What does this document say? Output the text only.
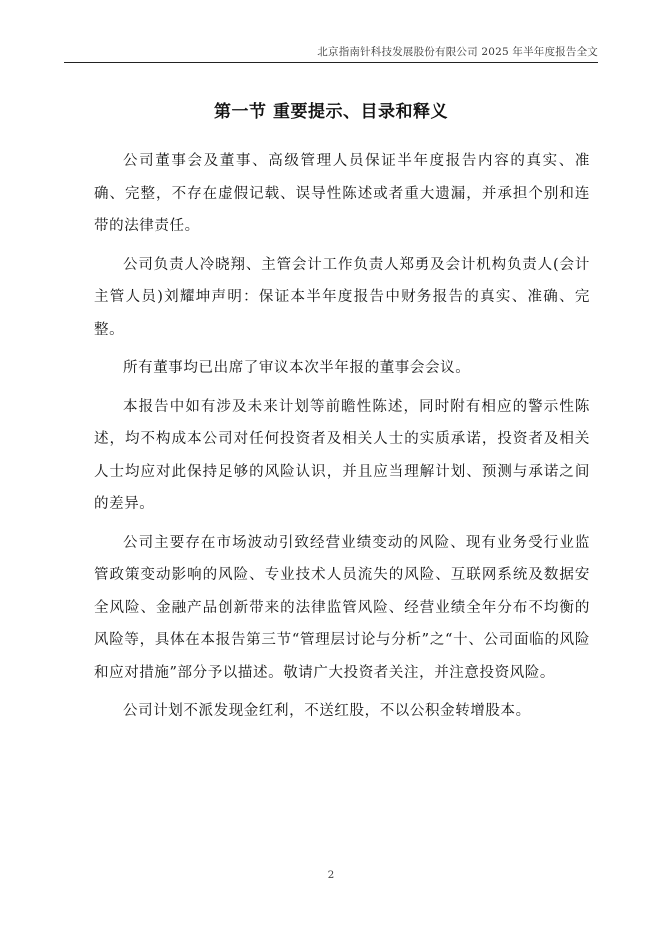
北京指南针科技发展股份有限公司 2025 年半年度报告全文
第一节 重要提示、目录和释义

公司董事会及董事、高级管理人员保证半年度报告内容的真实、准确、完整，不存在虚假记载、误导性陈述或者重大遗漏，并承担个别和连带的法律责任。

公司负责人冷晓翔、主管会计工作负责人郑勇及会计机构负责人(会计主管人员)刘耀坤声明：保证本半年度报告中财务报告的真实、准确、完整。

所有董事均已出席了审议本次半年报的董事会会议。

本报告中如有涉及未来计划等前瞻性陈述，同时附有相应的警示性陈述，均不构成本公司对任何投资者及相关人士的实质承诺，投资者及相关人士均应对此保持足够的风险认识，并且应当理解计划、预测与承诺之间的差异。

公司主要存在市场波动引致经营业绩变动的风险、现有业务受行业监管政策变动影响的风险、专业技术人员流失的风险、互联网系统及数据安全风险、金融产品创新带来的法律监管风险、经营业绩全年分布不均衡的风险等，具体在本报告第三节“管理层讨论与分析”之“十、公司面临的风险和应对措施”部分予以描述。敬请广大投资者关注，并注意投资风险。

公司计划不派发现金红利，不送红股，不以公积金转增股本。

2
